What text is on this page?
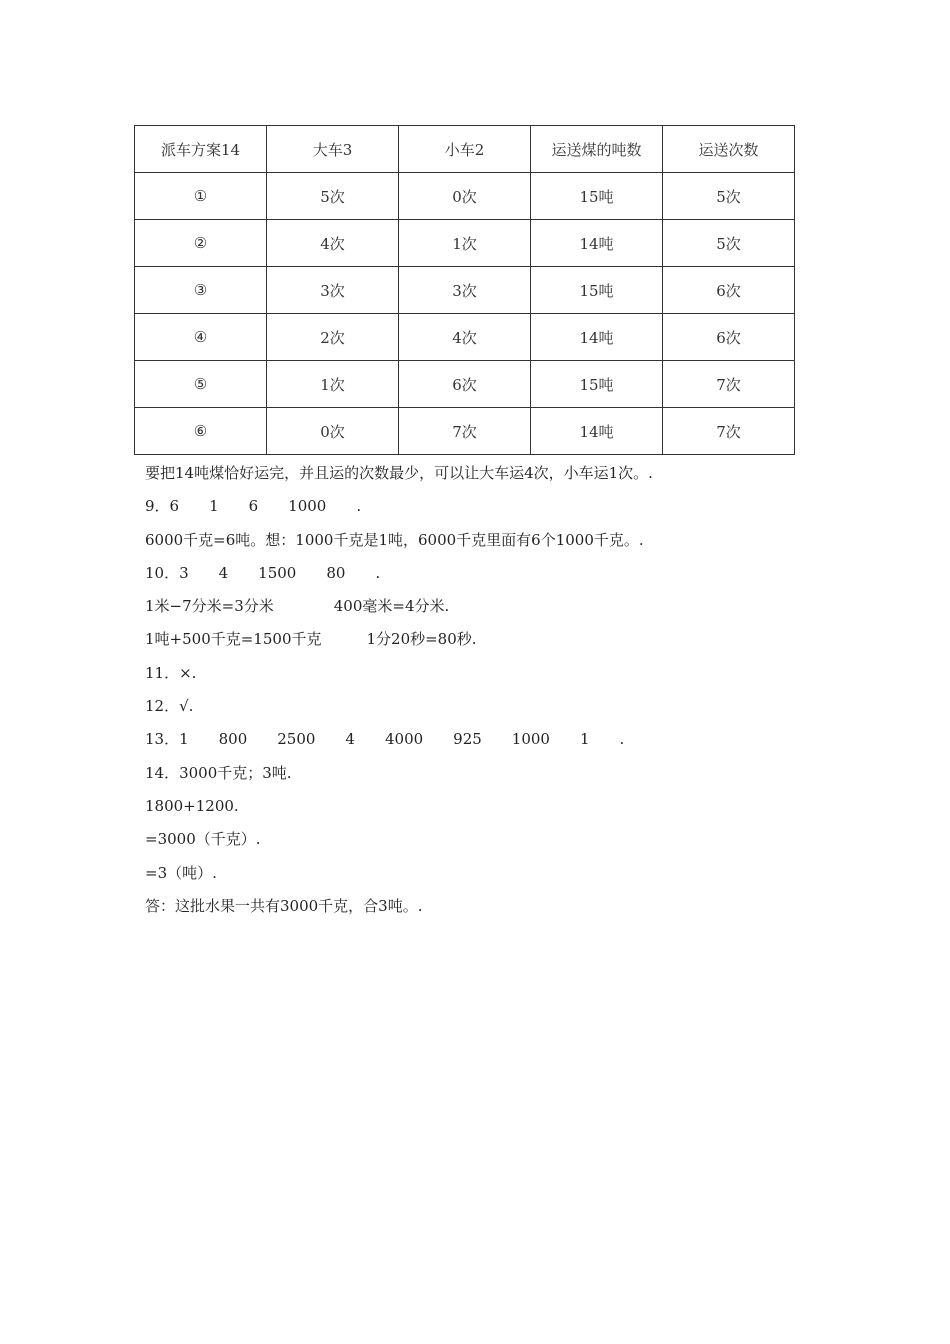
派车方案14	大车3	小车2	运送煤的吨数	运送次数
①	5次	0次	15吨	5次
②	4次	1次	14吨	5次
③	3次	3次	15吨	6次
④	2次	4次	14吨	6次
⑤	1次	6次	15吨	7次
⑥	0次	7次	14吨	7次
要把14吨煤恰好运完，并且运的次数最少，可以让大车运4次，小车运1次。.
9．6　　1　　6　　1000　　.
6000千克=6吨。想：1000千克是1吨，6000千克里面有6个1000千克。.
10．3　　4　　1500　　80　　.
1米−7分米=3分米　　　　400毫米=4分米.
1吨+500千克=1500千克　　　1分20秒=80秒.
11．×.
12．√.
13．1　　800　　2500　　4　　4000　　925　　1000　　1　　.
14．3000千克；3吨.
1800+1200.
=3000（千克）.
=3（吨）.
答：这批水果一共有3000千克，合3吨。.
